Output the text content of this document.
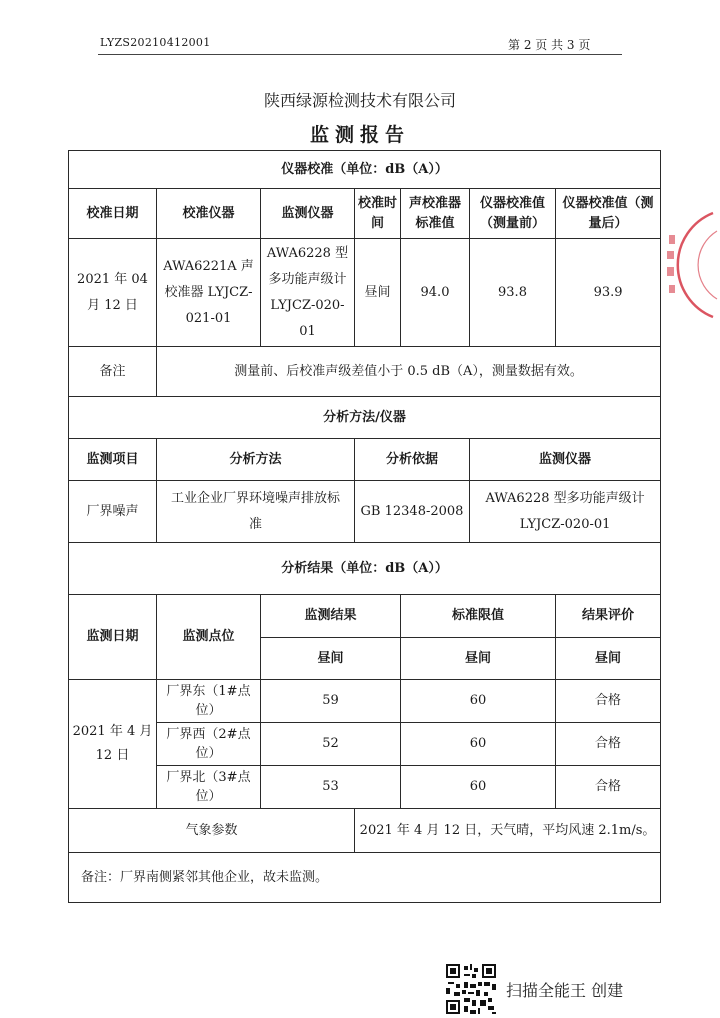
LYZS20210412001	第 2 页 共 3 页
陕西绿源检测技术有限公司
监测报告
仪器校准（单位：dB（A））						
校准日期	校准仪器	监测仪器	校准时间	声校准器标准值	仪器校准值（测量前）	仪器校准值（测量后）
2021 年 04 月 12 日	AWA6221A 声校准器 LYJCZ-021-01	AWA6228 型多功能声级计 LYJCZ-020-01	昼间	94.0	93.8	93.9
备注	测量前、后校准声级差值小于 0.5 dB（A），测量数据有效。					
分析方法/仪器						
监测项目	分析方法		分析依据		监测仪器	
厂界噪声	工业企业厂界环境噪声排放标准		GB 12348-2008		AWA6228 型多功能声级计 LYJCZ-020-01	
分析结果（单位：dB（A））						
监测日期	监测点位	监测结果		标准限值		结果评价
		昼间		昼间		昼间
2021 年 4 月 12 日	厂界东（1#点位）	59		60		合格
	厂界西（2#点位）	52		60		合格
	厂界北（3#点位）	53		60		合格
气象参数			2021 年 4 月 12 日，天气晴，平均风速 2.1m/s。			
备注：厂界南侧紧邻其他企业，故未监测。						
扫描全能王 创建
